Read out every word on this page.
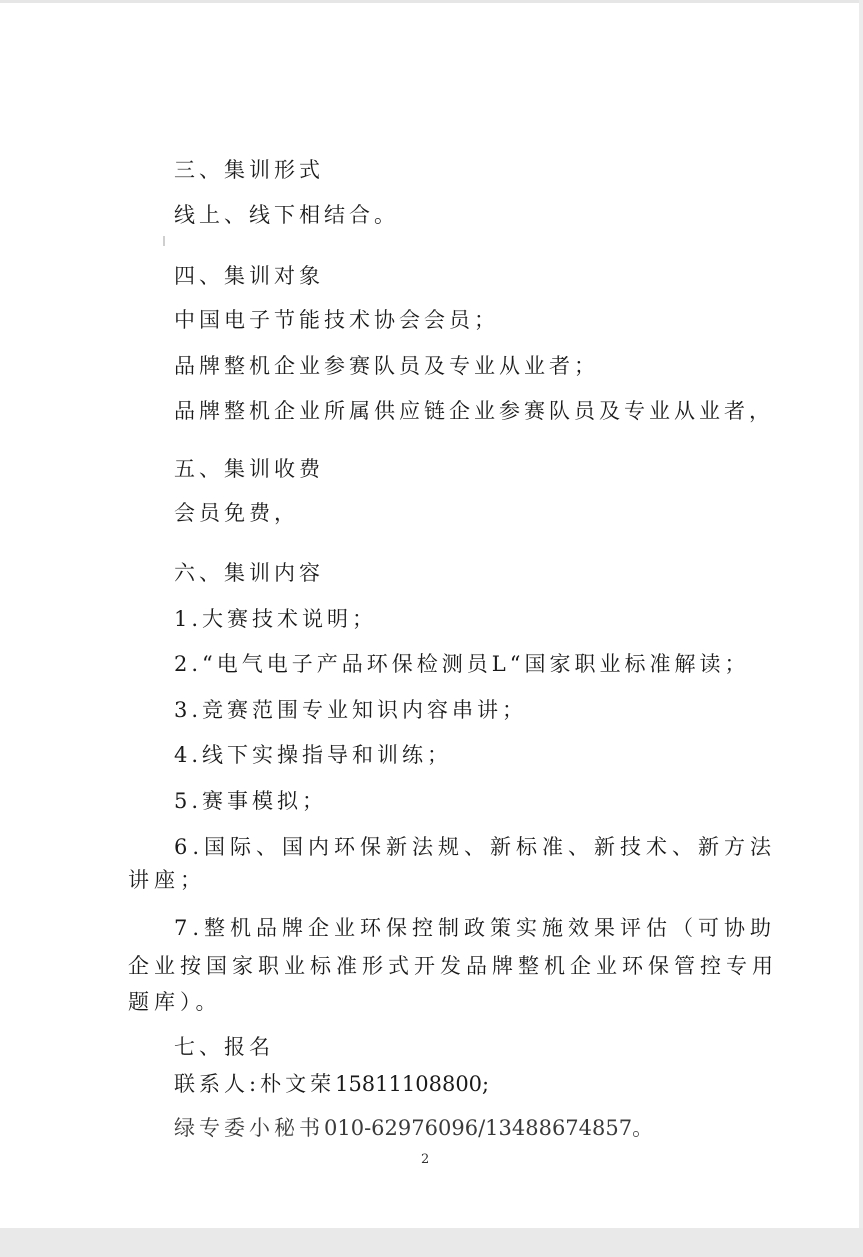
三、集训形式

线上、线下相结合。

四、集训对象

中国电子节能技术协会会员；

品牌整机企业参赛队员及专业从业者；

品牌整机企业所属供应链企业参赛队员及专业从业者，

五、集训收费

会员免费，

六、集训内容

1.大赛技术说明；

2.“电气电子产品环保检测员L“国家职业标准解读；

3.竞赛范围专业知识内容串讲；

4.线下实操指导和训练；

5.赛事模拟；

6.国际、国内环保新法规、新标准、新技术、新方法

讲座；

7.整机品牌企业环保控制政策实施效果评估（可协助

企业按国家职业标准形式开发品牌整机企业环保管控专用

题库）。

七、报名

联系人:朴文荣15811108800;

绿专委小秘书010-62976096/13488674857。

2
